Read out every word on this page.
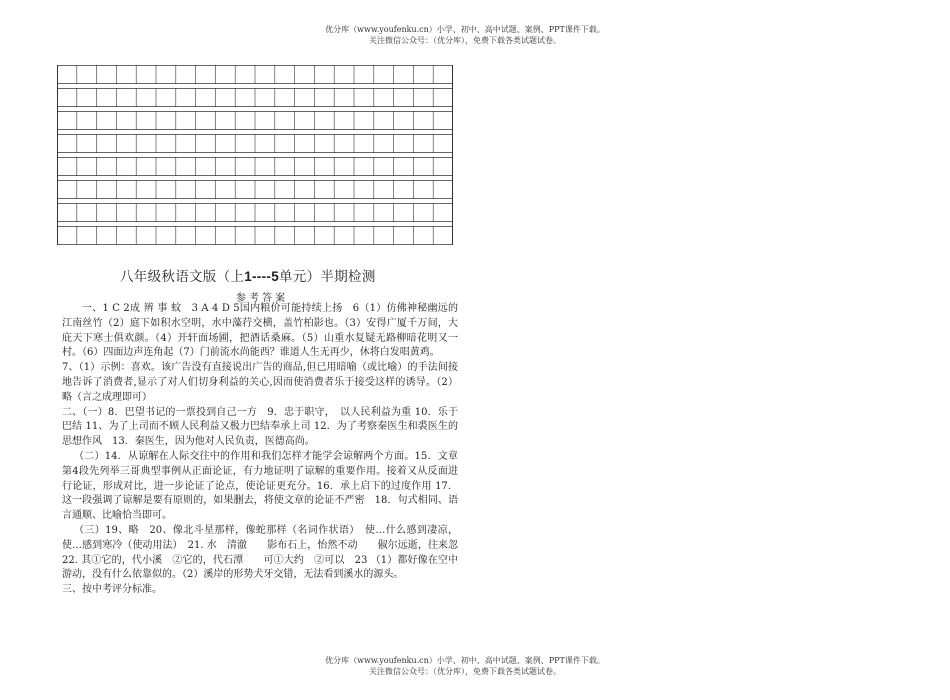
优分库（www.youfenku.cn）小学、初中、高中试题、案例、PPT课件下载。
关注微信公众号：（优分库），免费下载各类试题试卷。
八年级秋语文版（上1----5单元）半期检测
参考答案

一、1 C 2成 辨 事 蚊　3 A 4 D 5国内粮价可能持续上扬　6（1）仿佛神秘幽远的江南丝竹（2）庭下如积水空明，水中藻荇交横，盖竹柏影也。（3）安得广厦千万间，大庇天下寒士俱欢颜。（4）开轩面场圃，把酒话桑麻。（5）山重水复疑无路柳暗花明又一村。（6）四面边声连角起（7）门前流水尚能西？谁道人生无再少，休将白发唱黄鸡。

7、（1）示例：喜欢。该广告没有直接说出广告的商品,但已用暗喻（或比喻）的手法间接地告诉了消费者,显示了对人们切身利益的关心,因而使消费者乐于接受这样的诱导。（2）略（言之成理即可）

二、（一）8．巴望书记的一票投到自己一方　9．忠于职守，　以人民利益为重 10．乐于巴结 11、为了上司而不顾人民利益又极力巴结奉承上司 12．为了考察秦医生和裘医生的思想作风　13．秦医生，因为他对人民负责，医德高尚。

（二）14．从谅解在人际交往中的作用和我们怎样才能学会谅解两个方面。15．文章第4段先列举三哥典型事例从正面论证，有力地证明了谅解的重要作用。接着又从反面进行论证，形成对比，进一步论证了论点，使论证更充分。16．承上启下的过度作用 17．这一段强调了谅解是要有原则的，如果删去，将使文章的论证不严密　18．句式相同、语言通顺、比喻恰当即可。

（三）19、略　20、像北斗星那样，像蛇那样（名词作状语）　使…什么感到凄凉，使…感到寒冷（使动用法）　21. 水　清澈　　影布石上，怡然不动　　俶尔远逝，往来忽 22. 其①它的，代小溪　②它的，代石潭　　可①大约　②可以　23 （1）都好像在空中游动，没有什么依靠似的。（2）溪岸的形势犬牙交错，无法看到溪水的源头。

三、按中考评分标准。

优分库（www.youfenku.cn）小学、初中、高中试题、案例、PPT课件下载。
关注微信公众号：（优分库），免费下载各类试题试卷。
